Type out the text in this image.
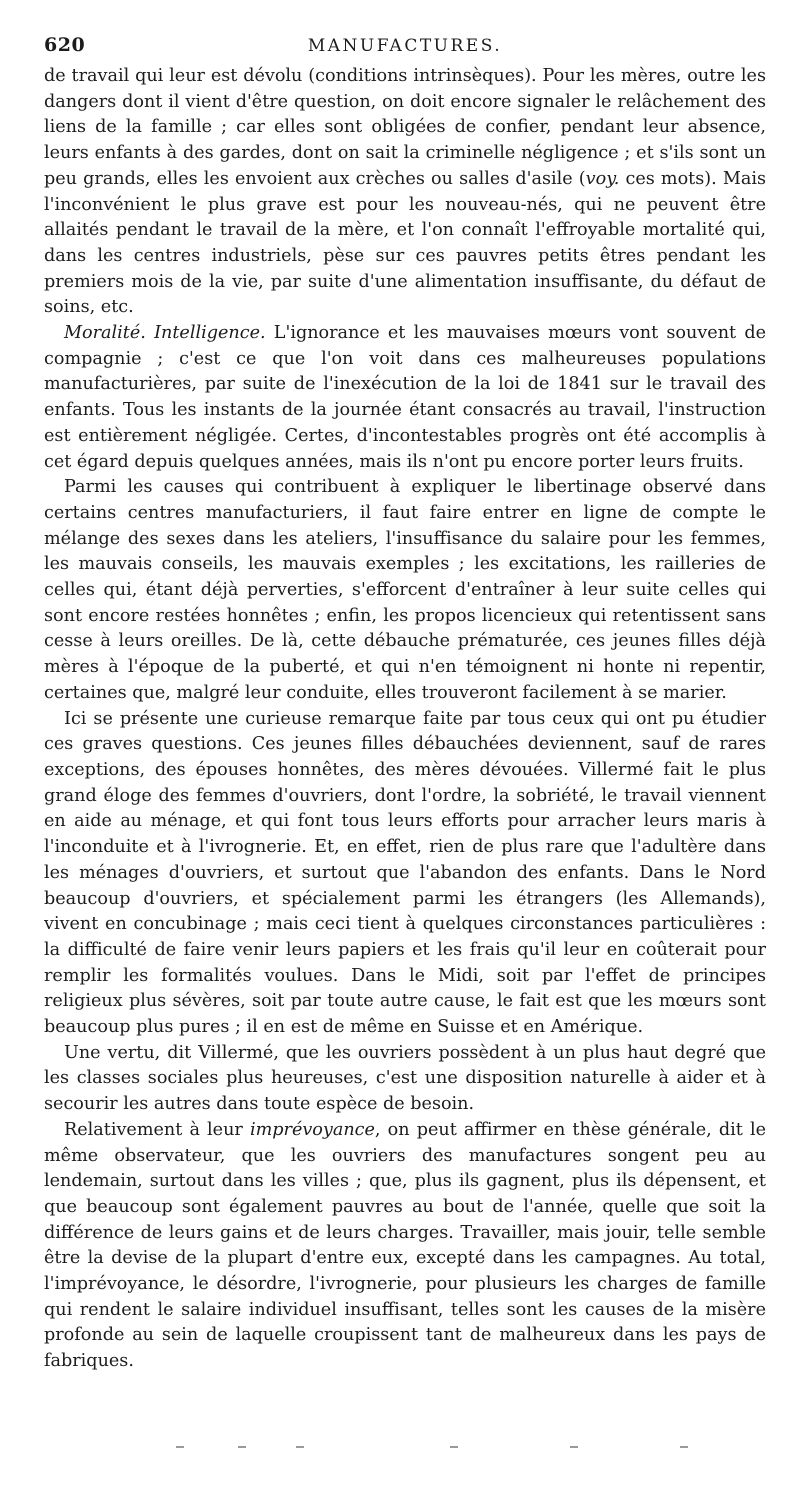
620	MANUFACTURES.

de travail qui leur est dévolu (conditions intrinsèques). Pour les mères, outre les dangers dont il vient d'être question, on doit encore signaler le relâchement des liens de la famille ; car elles sont obligées de confier, pendant leur absence, leurs enfants à des gardes, dont on sait la criminelle négligence ; et s'ils sont un peu grands, elles les envoient aux crèches ou salles d'asile (voy. ces mots). Mais l'inconvénient le plus grave est pour les nouveau-nés, qui ne peuvent être allaités pendant le travail de la mère, et l'on connaît l'effroyable mortalité qui, dans les centres industriels, pèse sur ces pauvres petits êtres pendant les premiers mois de la vie, par suite d'une alimentation insuffisante, du défaut de soins, etc.

Moralité. Intelligence. L'ignorance et les mauvaises mœurs vont souvent de compagnie ; c'est ce que l'on voit dans ces malheureuses populations manufacturières, par suite de l'inexécution de la loi de 1841 sur le travail des enfants. Tous les instants de la journée étant consacrés au travail, l'instruction est entièrement négligée. Certes, d'incontestables progrès ont été accomplis à cet égard depuis quelques années, mais ils n'ont pu encore porter leurs fruits.

Parmi les causes qui contribuent à expliquer le libertinage observé dans certains centres manufacturiers, il faut faire entrer en ligne de compte le mélange des sexes dans les ateliers, l'insuffisance du salaire pour les femmes, les mauvais conseils, les mauvais exemples ; les excitations, les railleries de celles qui, étant déjà perverties, s'efforcent d'entraîner à leur suite celles qui sont encore restées honnêtes ; enfin, les propos licencieux qui retentissent sans cesse à leurs oreilles. De là, cette débauche prématurée, ces jeunes filles déjà mères à l'époque de la puberté, et qui n'en témoignent ni honte ni repentir, certaines que, malgré leur conduite, elles trouveront facilement à se marier.

Ici se présente une curieuse remarque faite par tous ceux qui ont pu étudier ces graves questions. Ces jeunes filles débauchées deviennent, sauf de rares exceptions, des épouses honnêtes, des mères dévouées. Villermé fait le plus grand éloge des femmes d'ouvriers, dont l'ordre, la sobriété, le travail viennent en aide au ménage, et qui font tous leurs efforts pour arracher leurs maris à l'inconduite et à l'ivrognerie. Et, en effet, rien de plus rare que l'adultère dans les ménages d'ouvriers, et surtout que l'abandon des enfants. Dans le Nord beaucoup d'ouvriers, et spécialement parmi les étrangers (les Allemands), vivent en concubinage ; mais ceci tient à quelques circonstances particulières : la difficulté de faire venir leurs papiers et les frais qu'il leur en coûterait pour remplir les formalités voulues. Dans le Midi, soit par l'effet de principes religieux plus sévères, soit par toute autre cause, le fait est que les mœurs sont beaucoup plus pures ; il en est de même en Suisse et en Amérique.

Une vertu, dit Villermé, que les ouvriers possèdent à un plus haut degré que les classes sociales plus heureuses, c'est une disposition naturelle à aider et à secourir les autres dans toute espèce de besoin.

Relativement à leur imprévoyance, on peut affirmer en thèse générale, dit le même observateur, que les ouvriers des manufactures songent peu au lendemain, surtout dans les villes ; que, plus ils gagnent, plus ils dépensent, et que beaucoup sont également pauvres au bout de l'année, quelle que soit la différence de leurs gains et de leurs charges. Travailler, mais jouir, telle semble être la devise de la plupart d'entre eux, excepté dans les campagnes. Au total, l'imprévoyance, le désordre, l'ivrognerie, pour plusieurs les charges de famille qui rendent le salaire individuel insuffisant, telles sont les causes de la misère profonde au sein de laquelle croupissent tant de malheureux dans les pays de fabriques.
